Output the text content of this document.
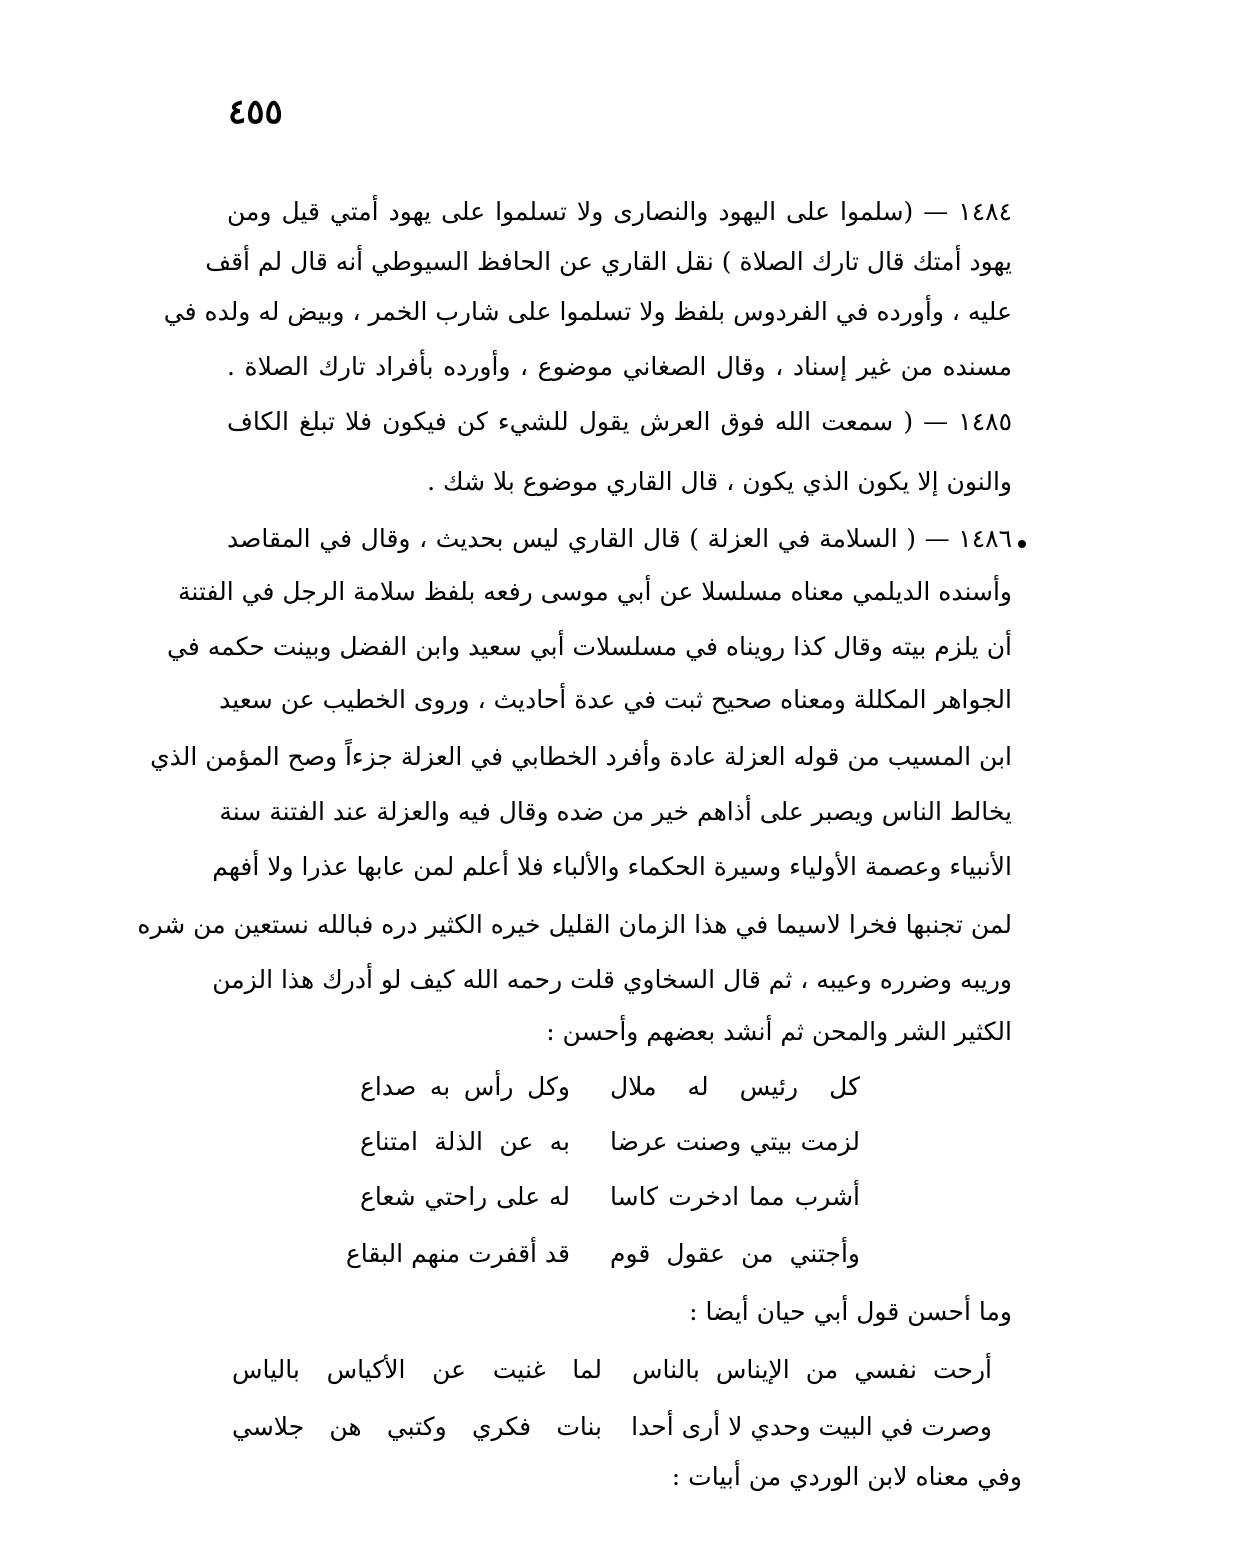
٤٥٥
١٤٨٤ — (سلموا على اليهود والنصارى ولا تسلموا على يهود أمتي قيل ومن
يهود أمتك قال تارك الصلاة ) نقل القاري عن الحافظ السيوطي أنه قال لم أقف
عليه ، وأورده في الفردوس بلفظ ولا تسلموا على شارب الخمر ، وبيض له ولده في
مسنده من غير إسناد ، وقال الصغاني موضوع ، وأورده بأفراد تارك الصلاة .
١٤٨٥ — ( سمعت الله فوق العرش يقول للشيء كن فيكون فلا تبلغ الكاف
والنون إلا يكون الذي يكون ، قال القاري موضوع بلا شك .
١٤٨٦ — ( السلامة في العزلة ) قال القاري ليس بحديث ، وقال في المقاصد
وأسنده الديلمي معناه مسلسلا عن أبي موسى رفعه بلفظ سلامة الرجل في الفتنة
أن يلزم بيته وقال كذا رويناه في مسلسلات أبي سعيد وابن الفضل وبينت حكمه في
الجواهر المكللة ومعناه صحيح ثبت في عدة أحاديث ، وروى الخطيب عن سعيد
ابن المسيب من قوله العزلة عادة وأفرد الخطابي في العزلة جزءاً وصح المؤمن الذي
يخالط الناس ويصبر على أذاهم خير من ضده وقال فيه والعزلة عند الفتنة سنة
الأنبياء وعصمة الأولياء وسيرة الحكماء والألباء فلا أعلم لمن عابها عذرا ولا أفهم
لمن تجنبها فخرا لاسيما في هذا الزمان القليل خيره الكثير دره فبالله نستعين من شره
وريبه وضرره وعيبه ، ثم قال السخاوي قلت رحمه الله كيف لو أدرك هذا الزمن
الكثير الشر والمحن ثم أنشد بعضهم وأحسن :
كل رئيس له ملال
وكل رأس به صداع
لزمت بيتي وصنت عرضا
به عن الذلة امتناع
أشرب مما ادخرت كاسا
له على راحتي شعاع
وأجتني من عقول قوم
قد أقفرت منهم البقاع
وما أحسن قول أبي حيان أيضا :
أرحت نفسي من الإيناس بالناس
لما غنيت عن الأكياس بالياس
وصرت في البيت وحدي لا أرى أحدا
بنات فكري وكتبي هن جلاسي
وفي معناه لابن الوردي من أبيات :
